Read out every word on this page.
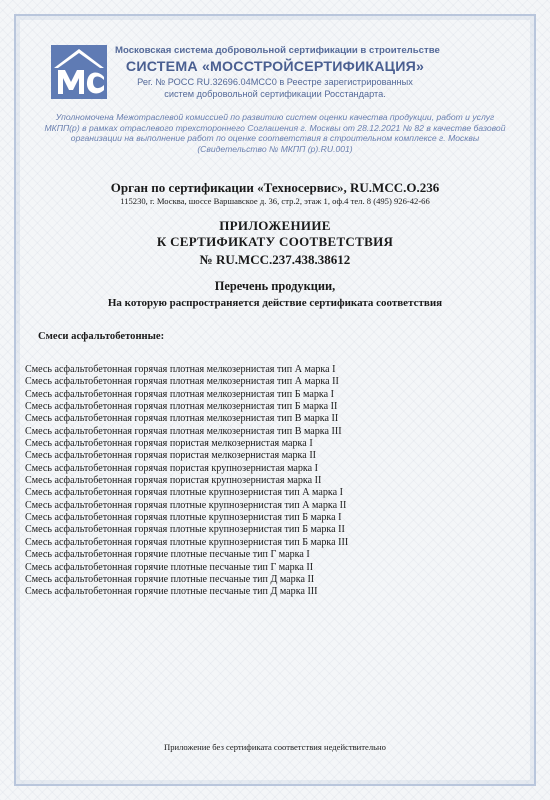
Московская система добровольной сертификации в строительстве
СИСТЕМА «МОССТРОЙСЕРТИФИКАЦИЯ»
Рег. № РОСС RU.32696.04МСС0 в Реестре зарегистрированных
систем добровольной сертификации Росстандарта.
Уполномочена Межотраслевой комиссией по развитию систем оценки качества продукции, работ и услуг
МКПП(р) в рамках отраслевого трехстороннего Соглашения г. Москвы от 28.12.2021 № 82 в качестве базовой
организации на выполнение работ по оценке соответствия в строительном комплексе г. Москвы
(Свидетельство № МКПП (р).RU.001)
Орган по сертификации «Техносервис», RU.MCC.O.236
115230, г. Москва, шоссе Варшавское д. 36, стр.2, этаж 1, оф.4 тел. 8 (495) 926-42-66
ПРИЛОЖЕНИИЕ
К СЕРТИФИКАТУ СООТВЕТСТВИЯ
№ RU.MCC.237.438.38612
Перечень продукции,
На которую распространяется действие сертификата соответствия
Смеси асфальтобетонные:
Смесь асфальтобетонная горячая плотная мелкозернистая тип А марка I
Смесь асфальтобетонная горячая плотная мелкозернистая тип А марка II
Смесь асфальтобетонная горячая плотная мелкозернистая тип Б марка I
Смесь асфальтобетонная горячая плотная мелкозернистая тип Б марка II
Смесь асфальтобетонная горячая плотная мелкозернистая тип В марка II
Смесь асфальтобетонная горячая плотная мелкозернистая тип В марка III
Смесь асфальтобетонная горячая пористая мелкозернистая марка I
Смесь асфальтобетонная горячая пористая мелкозернистая марка II
Смесь асфальтобетонная горячая пористая крупнозернистая марка I
Смесь асфальтобетонная горячая пористая крупнозернистая марка II
Смесь асфальтобетонная горячая плотные крупнозернистая тип А марка I
Смесь асфальтобетонная горячая плотные крупнозернистая тип А марка II
Смесь асфальтобетонная горячая плотные крупнозернистая тип Б марка I
Смесь асфальтобетонная горячая плотные крупнозернистая тип Б марка II
Смесь асфальтобетонная горячая плотные крупнозернистая тип Б марка III
Смесь асфальтобетонная горячие плотные песчаные тип Г марка I
Смесь асфальтобетонная горячие плотные песчаные тип Г марка II
Смесь асфальтобетонная горячие плотные песчаные тип Д марка II
Смесь асфальтобетонная горячие плотные песчаные тип Д марка III
Приложение без сертификата соответствия недействительно
